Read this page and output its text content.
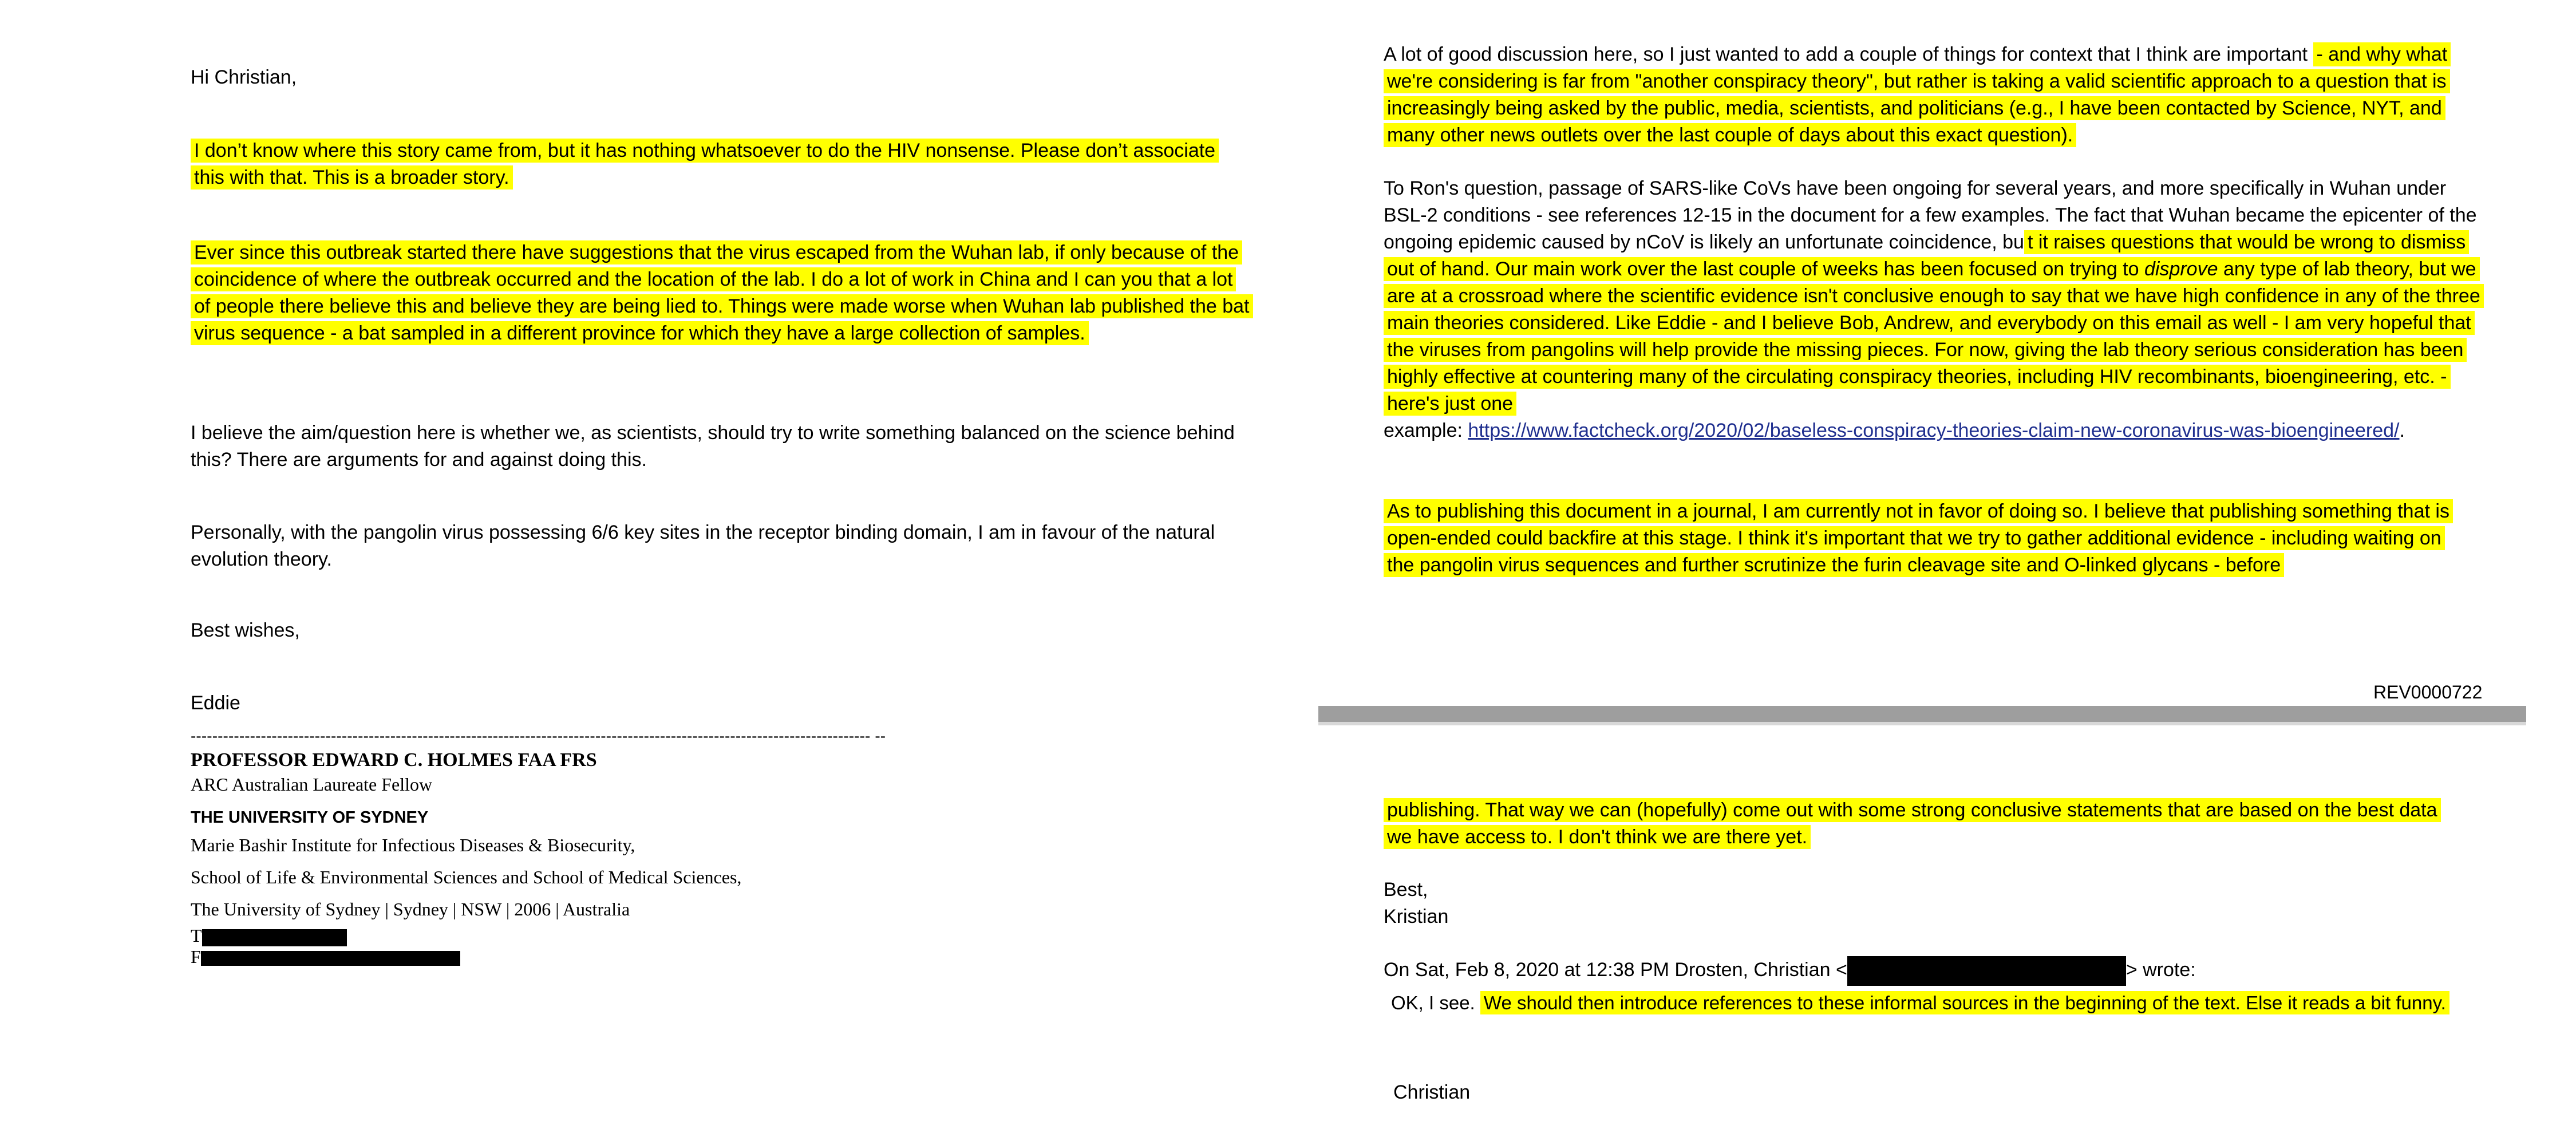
Hi Christian,

I don’t know where this story came from, but it has nothing whatsoever to do the HIV nonsense. Please don’t associate this with that. This is a broader story.

Ever since this outbreak started there have suggestions that the virus escaped from the Wuhan lab, if only because of the coincidence of where the outbreak occurred and the location of the lab. I do a lot of work in China and I can you that a lot of people there believe this and believe they are being lied to. Things were made worse when Wuhan lab published the bat virus sequence - a bat sampled in a different province for which they have a large collection of samples.

I believe the aim/question here is whether we, as scientists, should try to write something balanced on the science behind this? There are arguments for and against doing this.

Personally, with the pangolin virus possessing 6/6 key sites in the receptor binding domain, I am in favour of the natural evolution theory.

Best wishes,

Eddie

------------------------------------------------------------------------------------------------------------------------------ --

PROFESSOR EDWARD C. HOLMES FAA FRS
ARC Australian Laureate Fellow
THE UNIVERSITY OF SYDNEY
Marie Bashir Institute for Infectious Diseases & Biosecurity,
School of Life & Environmental Sciences and School of Medical Sciences,
The University of Sydney | Sydney | NSW | 2006 | Australia
T
F

A lot of good discussion here, so I just wanted to add a couple of things for context that I think are important - and why what we're considering is far from "another conspiracy theory", but rather is taking a valid scientific approach to a question that is increasingly being asked by the public, media, scientists, and politicians (e.g., I have been contacted by Science, NYT, and many other news outlets over the last couple of days about this exact question).

To Ron's question, passage of SARS-like CoVs have been ongoing for several years, and more specifically in Wuhan under BSL-2 conditions - see references 12-15 in the document for a few examples. The fact that Wuhan became the epicenter of the ongoing epidemic caused by nCoV is likely an unfortunate coincidence, bu t it raises questions that would be wrong to dismiss out of hand. Our main work over the last couple of weeks has been focused on trying to disprove any type of lab theory, but we are at a crossroad where the scientific evidence isn't conclusive enough to say that we have high confidence in any of the three main theories considered. Like Eddie - and I believe Bob, Andrew, and everybody on this email as well - I am very hopeful that the viruses from pangolins will help provide the missing pieces. For now, giving the lab theory serious consideration has been highly effective at countering many of the circulating conspiracy theories, including HIV recombinants, bioengineering, etc. - here's just one
example: https://www.factcheck.org/2020/02/baseless-conspiracy-theories-claim-new-coronavirus-was-bioengineered/.

As to publishing this document in a journal, I am currently not in favor of doing so. I believe that publishing something that is open-ended could backfire at this stage. I think it's important that we try to gather additional evidence - including waiting on the pangolin virus sequences and further scrutinize the furin cleavage site and O-linked glycans - before

REV0000722

publishing. That way we can (hopefully) come out with some strong conclusive statements that are based on the best data we have access to. I don't think we are there yet.

Best,

Kristian

On Sat, Feb 8, 2020 at 12:38 PM Drosten, Christian <	> wrote:

OK, I see. We should then introduce references to these informal sources in the beginning of the text. Else it reads a bit funny.

Christian
